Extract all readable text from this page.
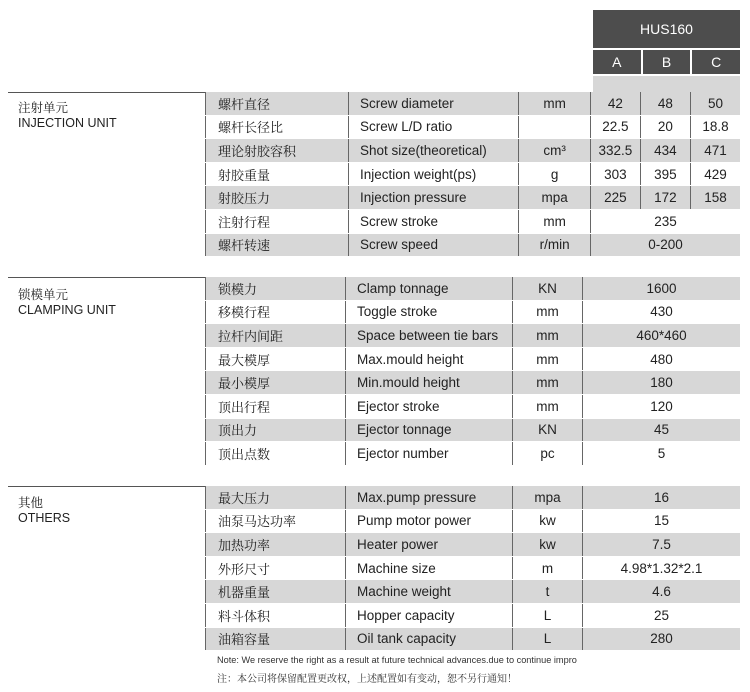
HUS160
A	B	C
注射单元
INJECTION UNIT
螺杆直径	Screw diameter	mm	42	48	50
螺杆长径比	Screw L/D ratio		22.5	20	18.8
理论射胶容积	Shot size(theoretical)	cm³	332.5	434	471
射胶重量	Injection weight(ps)	g	303	395	429
射胶压力	Injection pressure	mpa	225	172	158
注射行程	Screw stroke	mm	235		
螺杆转速	Screw speed	r/min	0-200		
锁模单元
CLAMPING UNIT
锁模力	Clamp tonnage	KN	1600
移模行程	Toggle stroke	mm	430
拉杆内间距	Space between tie bars	mm	460*460
最大模厚	Max.mould height	mm	480
最小模厚	Min.mould height	mm	180
顶出行程	Ejector stroke	mm	120
顶出力	Ejector tonnage	KN	45
顶出点数	Ejector number	pc	5
其他
OTHERS
最大压力	Max.pump pressure	mpa	16
油泵马达功率	Pump motor power	kw	15
加热功率	Heater power	kw	7.5
外形尺寸	Machine size	m	4.98*1.32*2.1
机器重量	Machine weight	t	4.6
料斗体积	Hopper capacity	L	25
油箱容量	Oil tank capacity	L	280
Note: We reserve the right as a result at future technical advances.due to continue impro
注：本公司将保留配置更改权，上述配置如有变动，恕不另行通知！
